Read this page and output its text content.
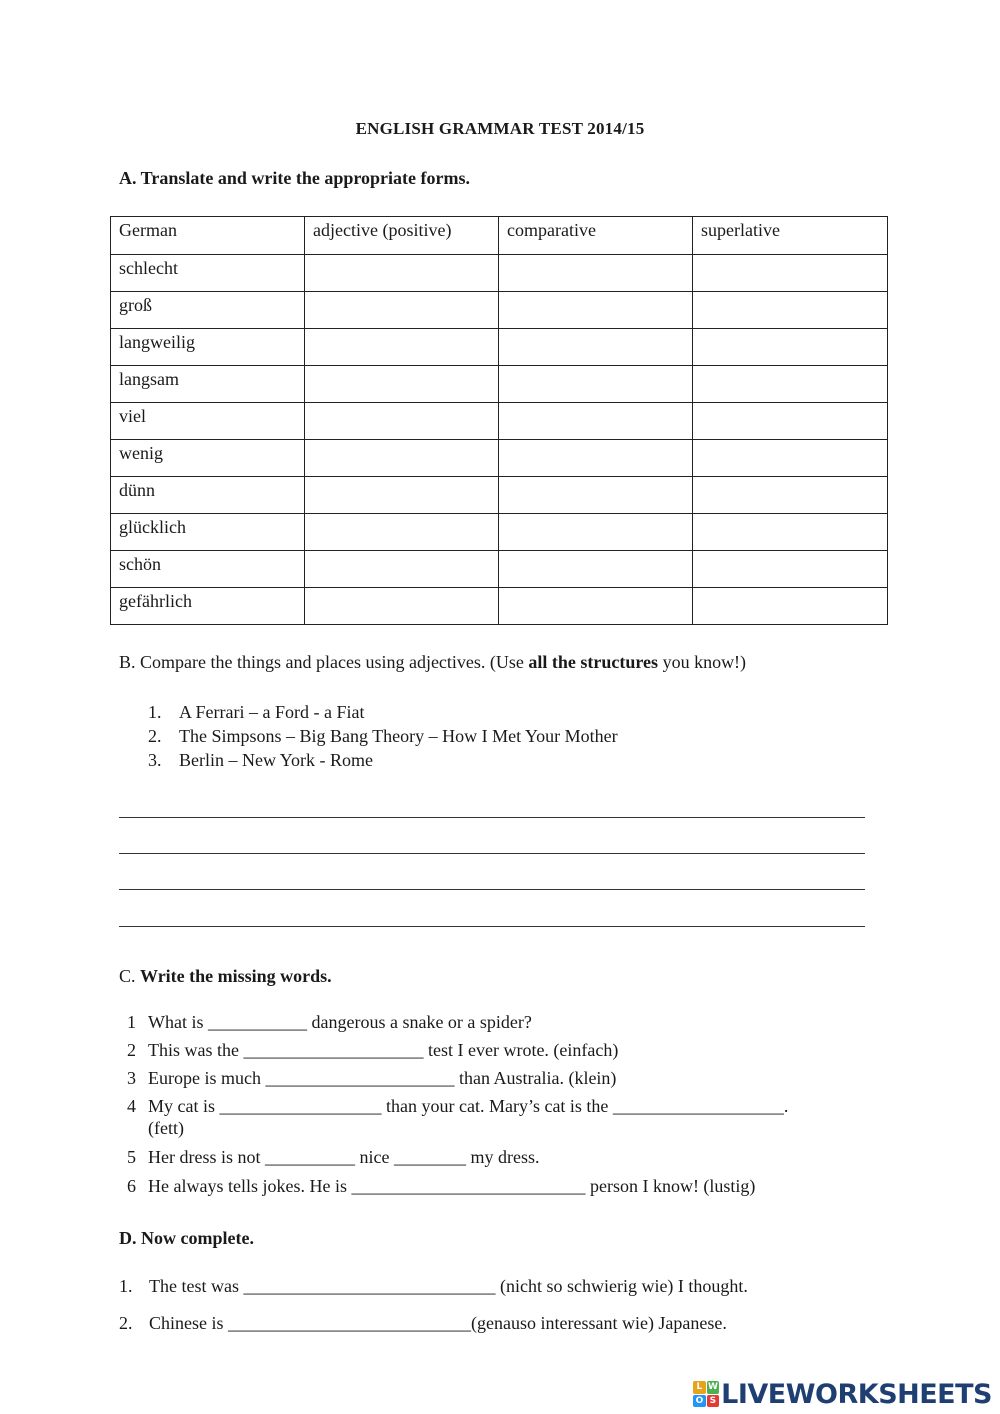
ENGLISH GRAMMAR TEST 2014/15
A. Translate and write the appropriate forms.
German	adjective (positive)	comparative	superlative
schlecht			
groß			
langweilig			
langsam			
viel			
wenig			
dünn			
glücklich			
schön			
gefährlich			
B. Compare the things and places using adjectives. (Use all the structures you know!)
1. A Ferrari – a Ford - a Fiat
2. The Simpsons – Big Bang Theory – How I Met Your Mother
3. Berlin – New York - Rome
C. Write the missing words.
1 What is ___________ dangerous a snake or a spider?
2 This was the ____________________ test I ever wrote. (einfach)
3 Europe is much _____________________ than Australia. (klein)
4 My cat is __________________ than your cat. Mary’s cat is the ___________________.
(fett)
5 Her dress is not __________ nice ________ my dress.
6 He always tells jokes. He is __________________________ person I know! (lustig)
D. Now complete.
1. The test was ____________________________ (nicht so schwierig wie) I thought.
2. Chinese is ___________________________(genauso interessant wie) Japanese.
L W
O S LIVEWORKSHEETS
